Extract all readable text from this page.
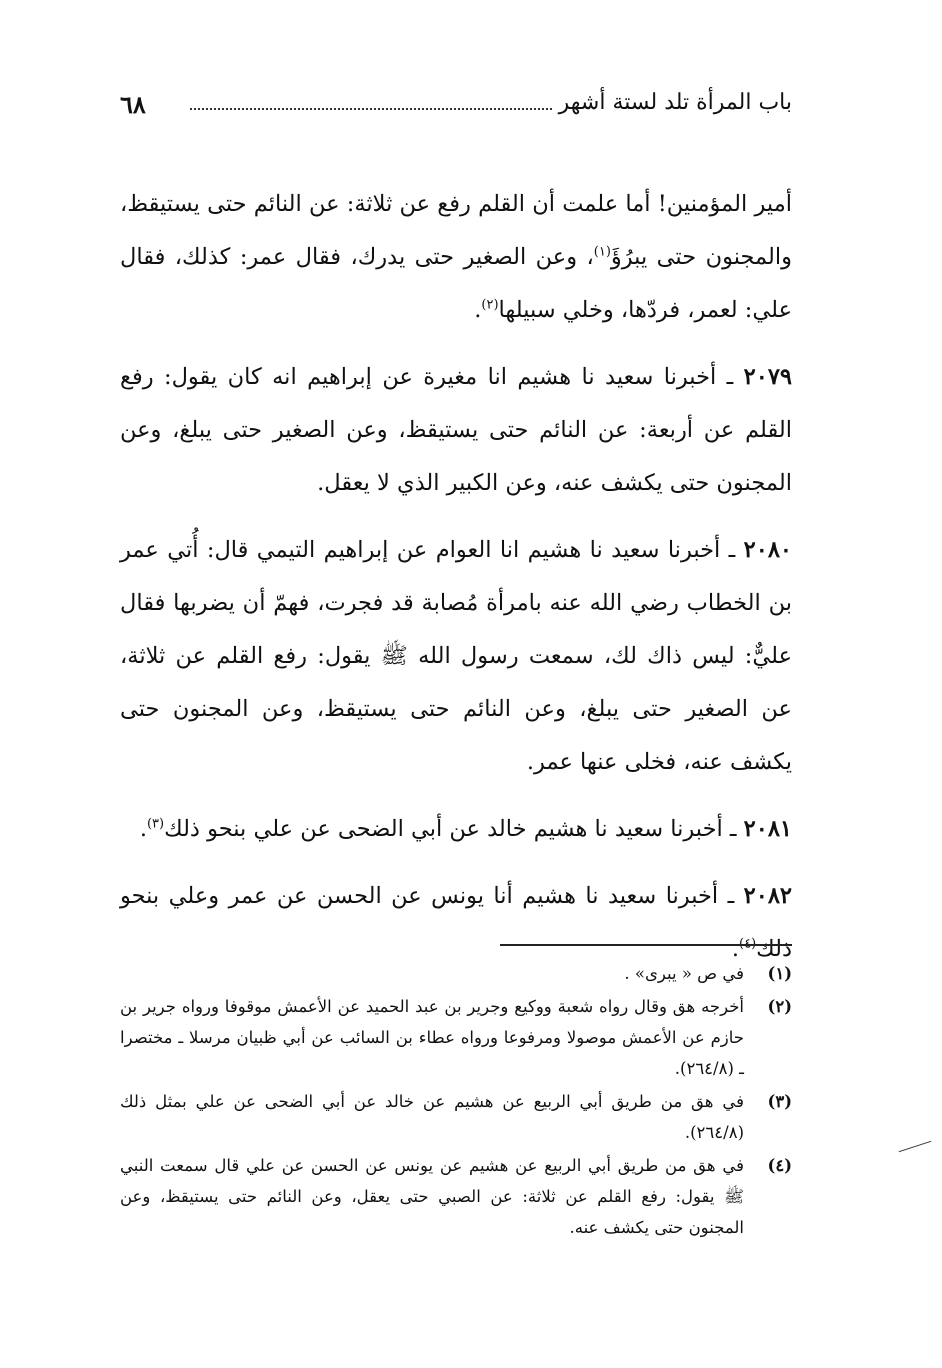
٦٨	باب المرأة تلد لستة أشهر

أمير المؤمنين! أما علمت أن القلم رفع عن ثلاثة: عن النائم حتى يستيقظ، والمجنون حتى يبرُؤَ$^{(١)}$، وعن الصغير حتى يدرك، فقال عمر: كذلك، فقال علي: لعمر، فردّها، وخلي سبيلها$^{(٢)}$.

٢٠٧٩ ـ أخبرنا سعيد نا هشيم انا مغيرة عن إبراهيم انه كان يقول: رفع القلم عن أربعة: عن النائم حتى يستيقظ، وعن الصغير حتى يبلغ، وعن المجنون حتى يكشف عنه، وعن الكبير الذي لا يعقل.

٢٠٨٠ ـ أخبرنا سعيد نا هشيم انا العوام عن إبراهيم التيمي قال: أُتي عمر بن الخطاب رضي الله عنه بامرأة مُصابة قد فجرت، فهمّ أن يضربها فقال عليٌّ: ليس ذاك لك، سمعت رسول الله ﷺ يقول: رفع القلم عن ثلاثة، عن الصغير حتى يبلغ، وعن النائم حتى يستيقظ، وعن المجنون حتى يكشف عنه، فخلى عنها عمر.

٢٠٨١ ـ أخبرنا سعيد نا هشيم خالد عن أبي الضحى عن علي بنحو ذلك$^{(٣)}$.

٢٠٨٢ ـ أخبرنا سعيد نا هشيم أنا يونس عن الحسن عن عمر وعلي بنحو ذلك$^{(٤)}$.

(١)
في ص « يبرى» .
(٢)
أخرجه هق وقال رواه شعبة ووكيع وجرير بن عبد الحميد عن الأعمش موقوفا ورواه جرير بن حازم عن الأعمش موصولا ومرفوعا ورواه عطاء بن السائب عن أبي ظبيان مرسلا ـ مختصرا ـ (٢٦٤/٨).
(٣)
في هق من طريق أبي الربيع عن هشيم عن خالد عن أبي الضحى عن علي بمثل ذلك (٢٦٤/٨).
(٤)
في هق من طريق أبي الربيع عن هشيم عن يونس عن الحسن عن علي قال سمعت النبي ﷺ يقول: رفع القلم عن ثلاثة: عن الصبي حتى يعقل، وعن النائم حتى يستيقظ، وعن المجنون حتى يكشف عنه.
